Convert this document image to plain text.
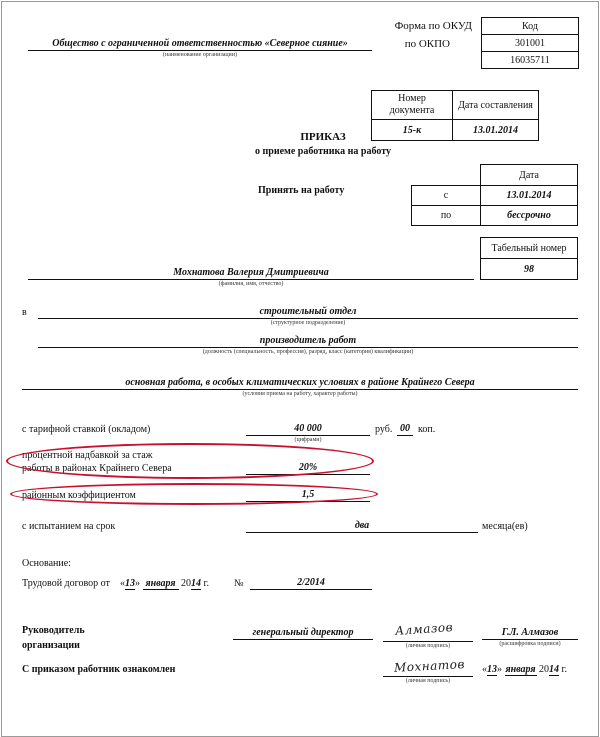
Общество с ограниченной ответственностью «Северное сияние»
(наименование организации)
Форма по ОКУД
по ОКПО
Код
301001
16035711
Номер документа	Дата составления
15-к	13.01.2014
ПРИКАЗ
о приеме работника на работу
Принять на работу
Дата
с	13.01.2014
по	бессрочно
Табельный номер
98
Мохнатова Валерия Дмитриевича
(фамилия, имя, отчество)
в	строительный отдел
(структурное подразделение)
производитель работ
(должность (специальность, профессия), разряд, класс (категория) квалификации)
основная работа, в особых климатических условиях в районе Крайнего Севера
(условия приема на работу, характер работы)
с тарифной ставкой (окладом)	40 000
(цифрами)
руб. 00 коп.
процентной надбавкой за стаж
работы в районах Крайнего Севера	20%
районным коэффициентом	1,5
с испытанием на срок	два	месяца(ев)
Основание:
Трудовой договор от «13» января 2014 г.	№	2/2014
Руководитель
организации
генеральный директор	Алмазов
(личная подпись)
Г.Л. Алмазов
(расшифровка подписи)
С приказом работник ознакомлен	Мохнатов
(личная подпись)
«13» января 2014 г.
